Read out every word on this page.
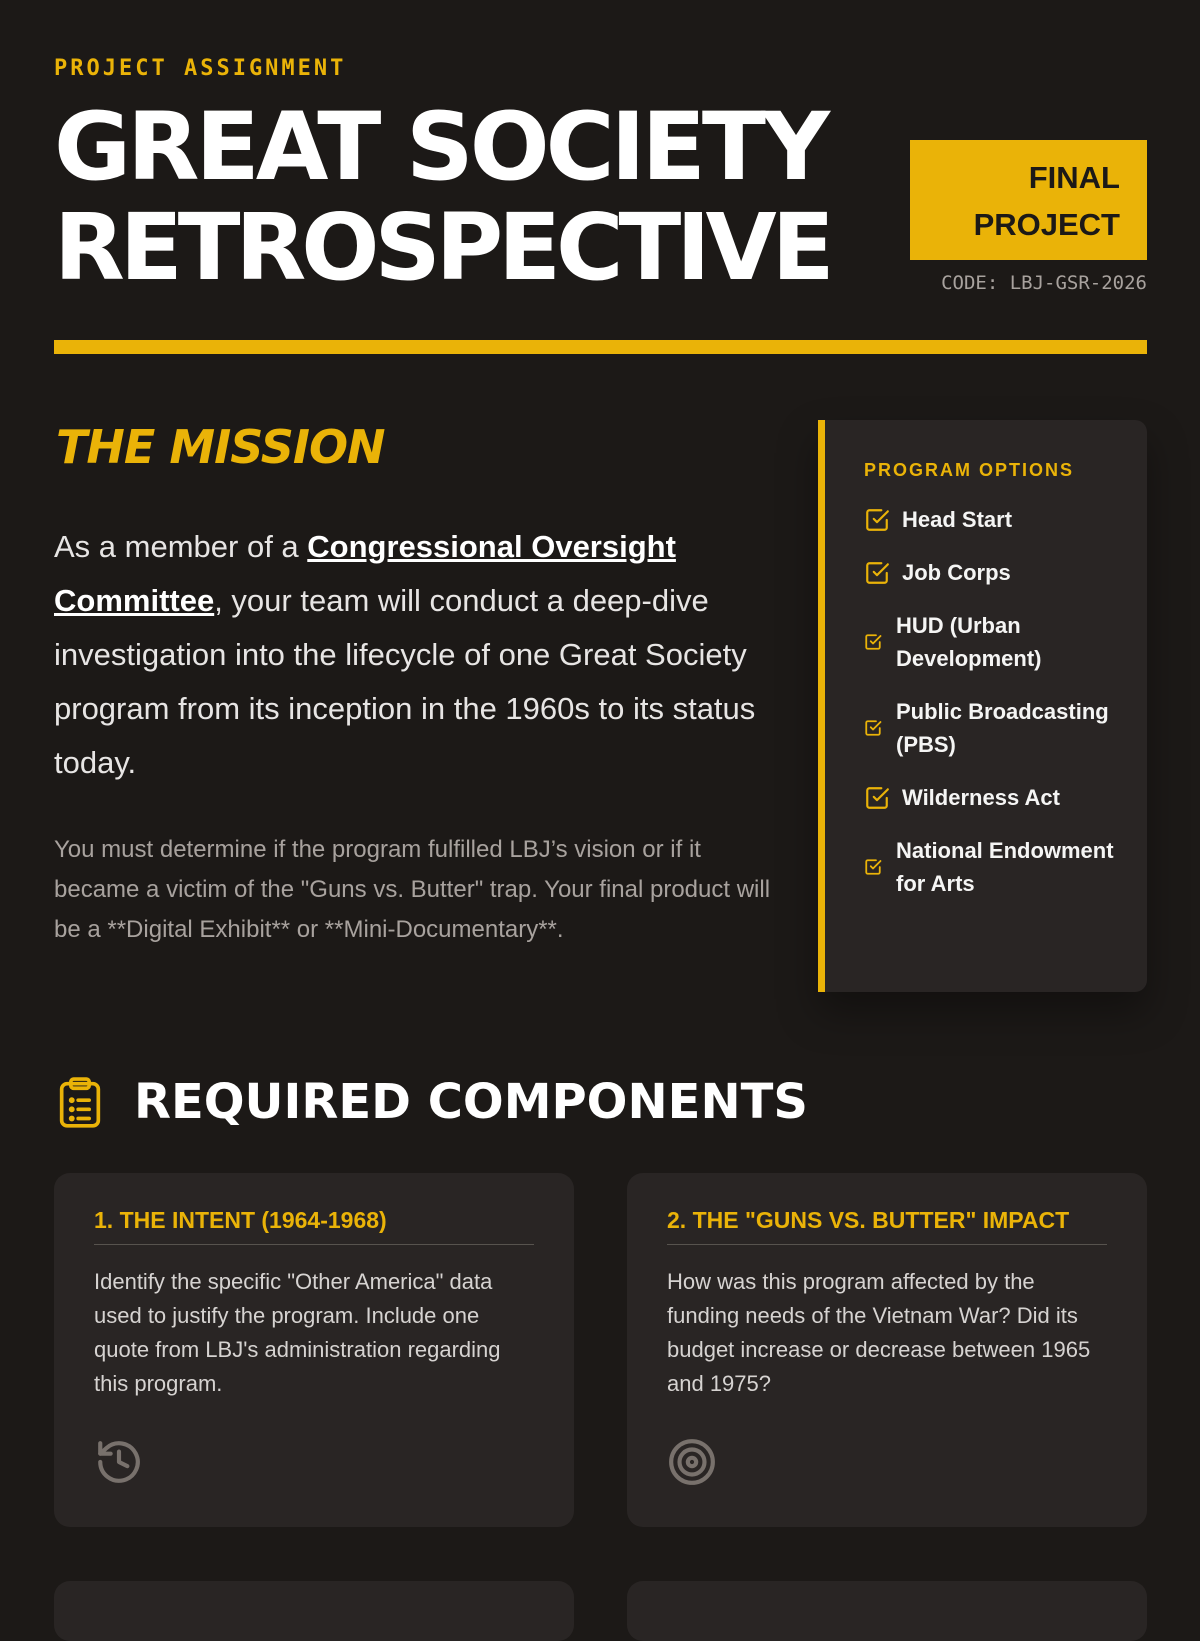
PROJECT ASSIGNMENT
GREAT SOCIETY
RETROSPECTIVE
FINAL
PROJECT
CODE: LBJ-GSR-2026
THE MISSION

As a member of a Congressional Oversight Committee, your team will conduct a deep-dive investigation into the lifecycle of one Great Society program from its inception in the 1960s to its status today.

You must determine if the program fulfilled LBJ’s vision or if it became a victim of the "Guns vs. Butter" trap. Your final product will be a **Digital Exhibit** or **Mini-Documentary**.

PROGRAM OPTIONS
Head Start
Job Corps
HUD (Urban Development)
Public Broadcasting (PBS)
Wilderness Act
National Endowment for Arts
REQUIRED COMPONENTS
1. THE INTENT (1964-1968)

Identify the specific "Other America" data used to justify the program. Include one quote from LBJ's administration regarding this program.

2. THE "GUNS VS. BUTTER" IMPACT

How was this program affected by the funding needs of the Vietnam War? Did its budget increase or decrease between 1965 and 1975?
